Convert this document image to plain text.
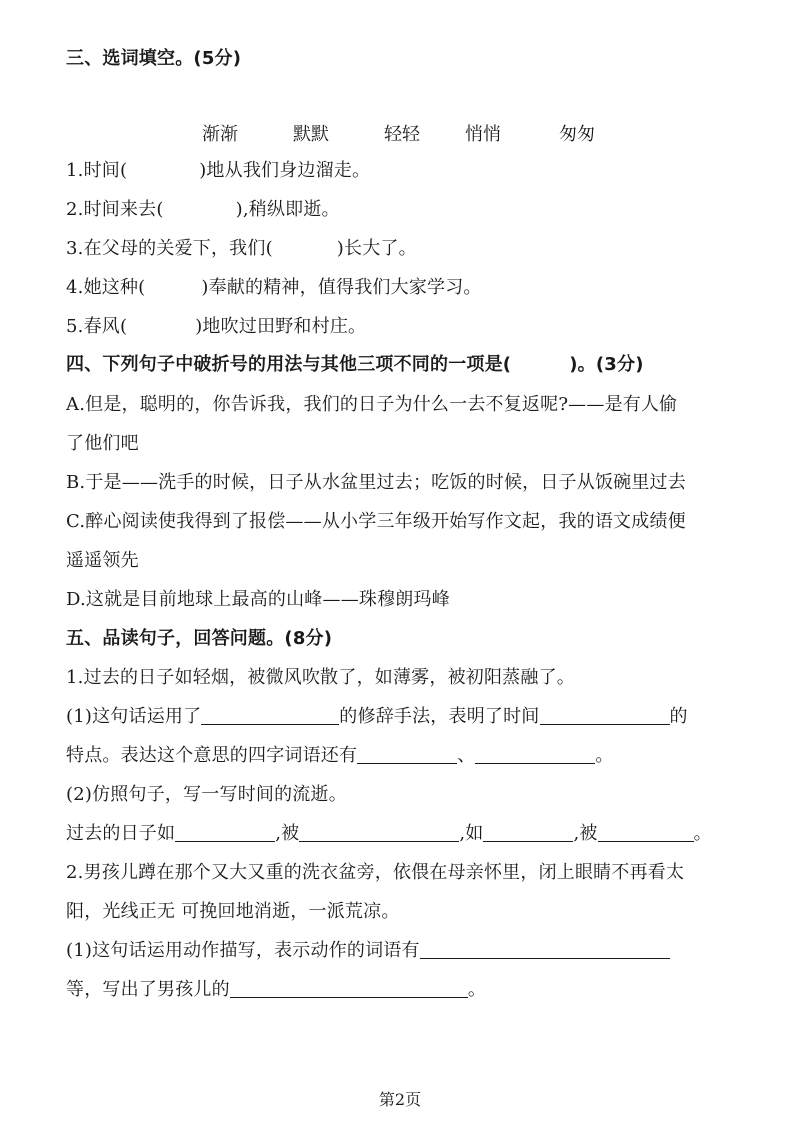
三、选词填空。(5分)
渐渐	默默	轻轻	悄悄	匆匆
1.时间(	)地从我们身边溜走。
2.时间来去(	),稍纵即逝。
3.在父母的关爱下，我们(	)长大了。
4.她这种(	)奉献的精神，值得我们大家学习。
5.春风(	)地吹过田野和村庄。
四、下列句子中破折号的用法与其他三项不同的一项是(	)。(3分)
A.但是，聪明的，你告诉我，我们的日子为什么一去不复返呢?——是有人偷
了他们吧
B.于是——洗手的时候，日子从水盆里过去；吃饭的时候，日子从饭碗里过去
C.醉心阅读使我得到了报偿——从小学三年级开始写作文起，我的语文成绩便
遥遥领先
D.这就是目前地球上最高的山峰——珠穆朗玛峰
五、品读句子，回答问题。(8分)
1.过去的日子如轻烟，被微风吹散了，如薄雾，被初阳蒸融了。
(1)这句话运用了	的修辞手法，表明了时间	的
特点。表达这个意思的四字词语还有	、	。
(2)仿照句子，写一写时间的流逝。
过去的日子如	,被	,如	,被	。
2.男孩儿蹲在那个又大又重的洗衣盆旁，依偎在母亲怀里，闭上眼睛不再看太
阳，光线正无 可挽回地消逝，一派荒凉。
(1)这句话运用动作描写，表示动作的词语有
等，写出了男孩儿的	。
第2页
